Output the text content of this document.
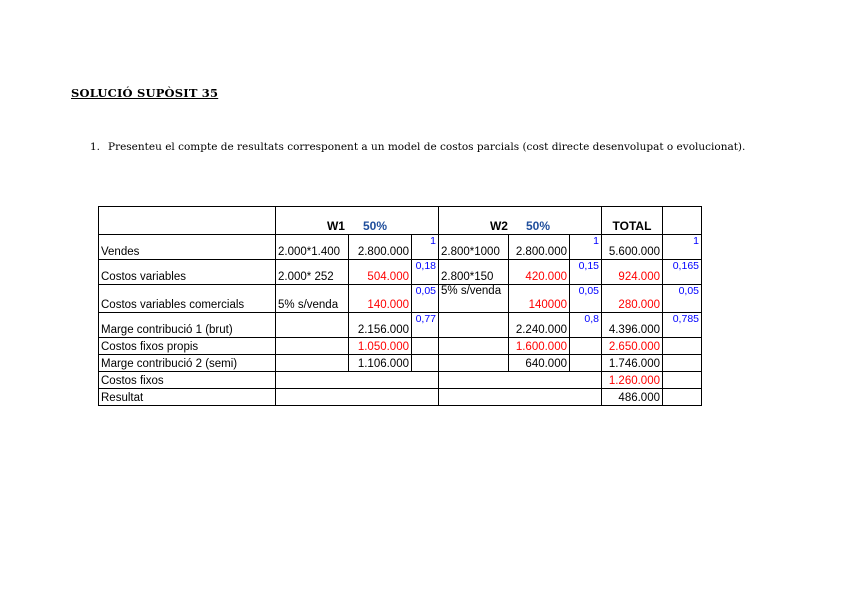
SOLUCIÓ SUPÒSIT 35
1. Presenteu el compte de resultats corresponent a un model de costos parcials (cost directe desenvolupat o evolucionat).
	W1 50%			W2 50%			TOTAL	
Vendes	2.000*1.400	2.800.000	1	2.800*1000	2.800.000	1	5.600.000	1
Costos variables	2.000* 252	504.000	0,18	2.800*150	420.000	0,15	924.000	0,165
Costos variables comercials	5% s/venda	140.000	0,05	5% s/venda	140000	0,05	280.000	0,05
Marge contribució 1 (brut)		2.156.000	0,77		2.240.000	0,8	4.396.000	0,785
Costos fixos propis		1.050.000			1.600.000		2.650.000	
Marge contribució 2 (semi)		1.106.000			640.000		1.746.000	
Costos fixos							1.260.000	
Resultat							486.000	
